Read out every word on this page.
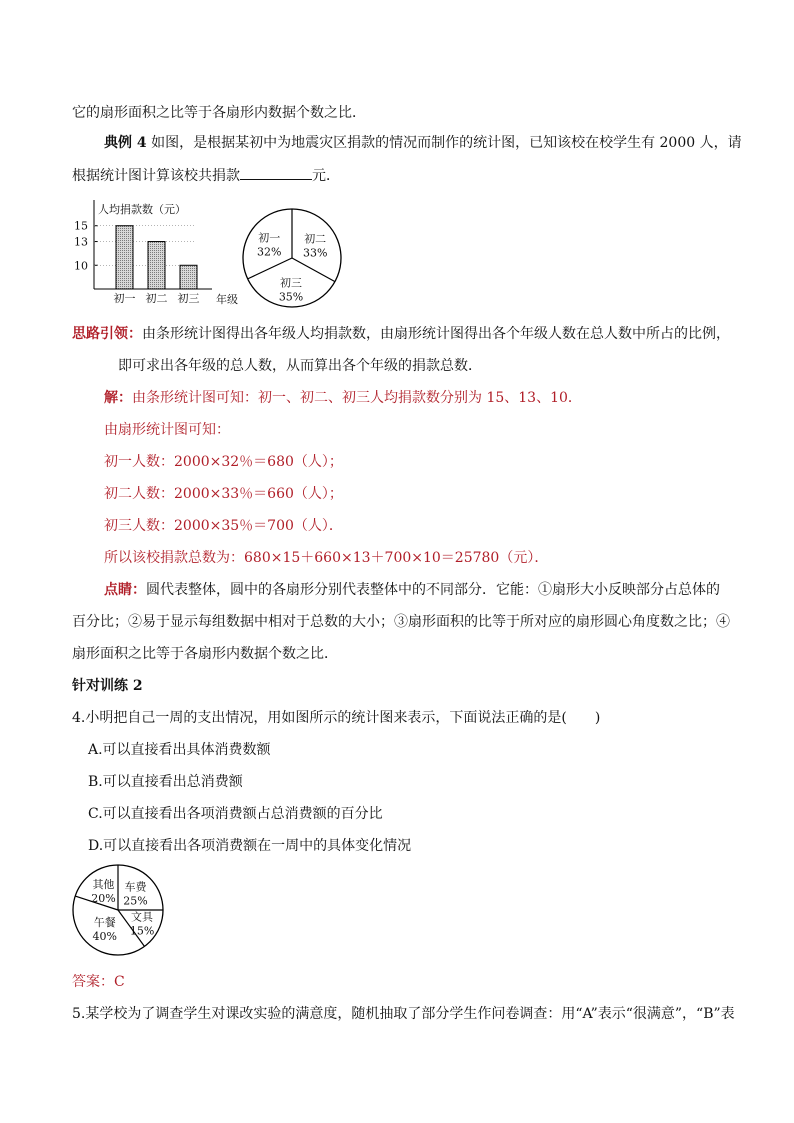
它的扇形面积之比等于各扇形内数据个数之比．
典例 4 如图，是根据某初中为地震灾区捐款的情况而制作的统计图，已知该校在校学生有 2000 人，请
根据统计图计算该校共捐款	元．
人均捐款数（元）
10
13
15
初一 初二 初三 年级
初二
33%
初三
35%
初一
32%
思路引领：由条形统计图得出各年级人均捐款数，由扇形统计图得出各个年级人数在总人数中所占的比例，
即可求出各年级的总人数，从而算出各个年级的捐款总数．
解：由条形统计图可知：初一、初二、初三人均捐款数分别为 15、13、10．
由扇形统计图可知：
初一人数：2000×32％＝680（人）；
初二人数：2000×33％＝660（人）；
初三人数：2000×35％＝700（人）．
所以该校捐款总数为：680×15＋660×13＋700×10＝25780（元）．
点睛：圆代表整体，圆中的各扇形分别代表整体中的不同部分．它能：①扇形大小反映部分占总体的
百分比；②易于显示每组数据中相对于总数的大小；③扇形面积的比等于所对应的扇形圆心角度数之比；④
扇形面积之比等于各扇形内数据个数之比．
针对训练 2
4.小明把自己一周的支出情况，用如图所示的统计图来表示，下面说法正确的是( )
A.可以直接看出具体消费数额
B.可以直接看出总消费额
C.可以直接看出各项消费额占总消费额的百分比
D.可以直接看出各项消费额在一周中的具体变化情况
车费
25%
文具
15%
午餐
40%
其他
20%
答案：C
5.某学校为了调查学生对课改实验的满意度，随机抽取了部分学生作问卷调查：用“A”表示“很满意”，“B”表
